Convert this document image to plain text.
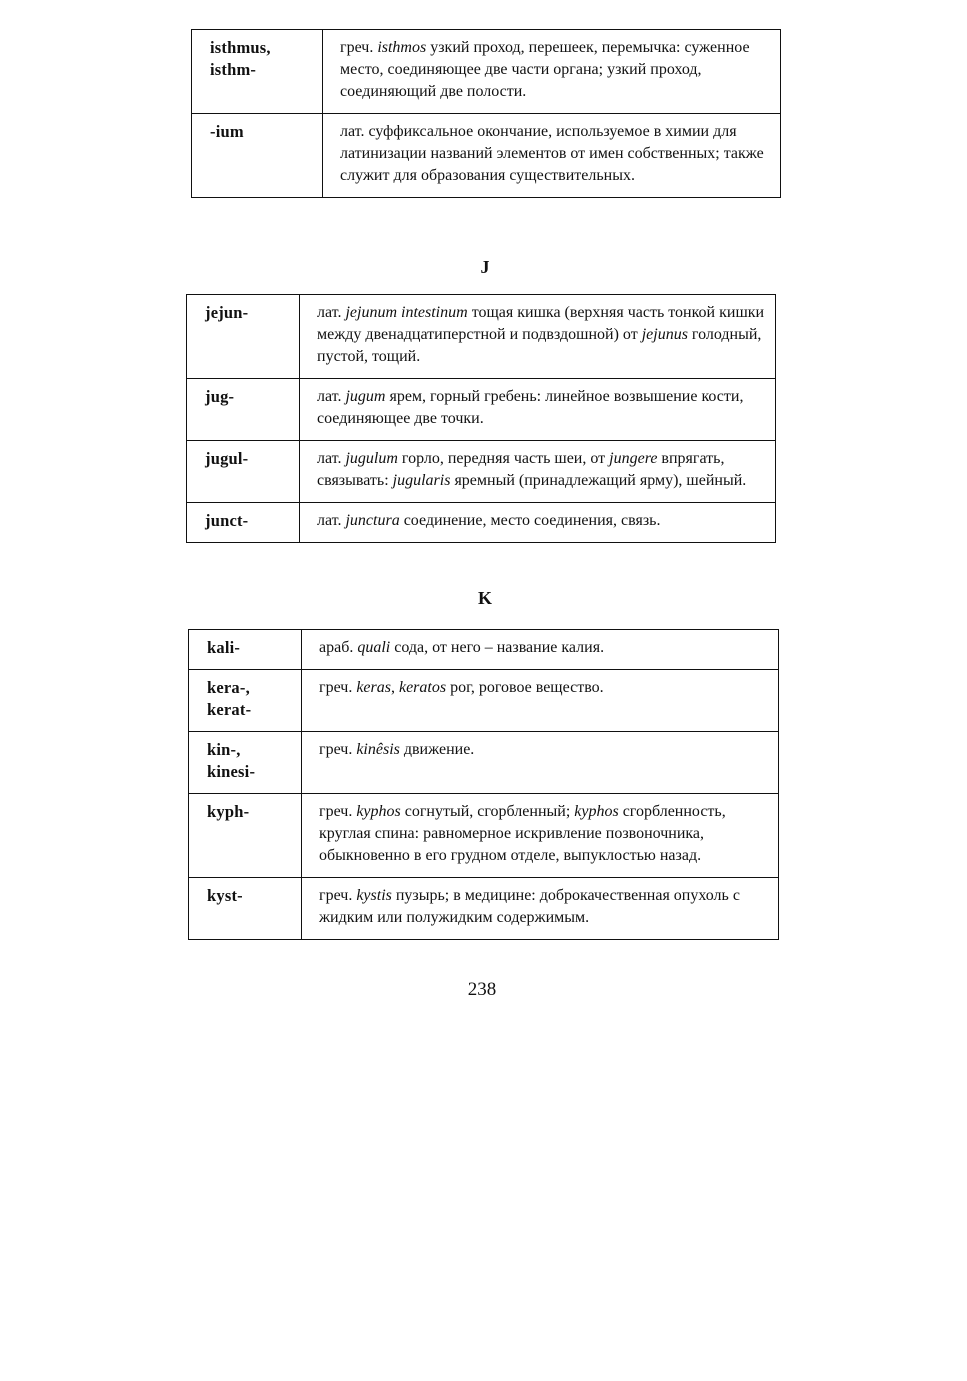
isthmus,
isthm-	греч. isthmos узкий проход, перешеек, перемычка: суженное место, соединяющее две части органа; узкий проход, соединяющий две полости.

-ium	лат. суффиксальное окончание, используемое в химии для латинизации названий элементов от имен собственных; также служит для образования существительных.
J
jejun-	лат. jejunum intestinum тощая кишка (верхняя часть тонкой кишки между двенадцатиперстной и подвздошной) от jejunus голодный, пустой, тощий.

jug-	лат. jugum ярем, горный гребень: линейное возвышение кости, соединяющее две точки.

jugul-	лат. jugulum горло, передняя часть шеи, от jungere впрягать, связывать: jugularis яремный (принадлежащий ярму), шейный.

junct-	лат. junctura соединение, место соединения, связь.
K
kali-	араб. quali сода, от него – название калия.

kera-,
kerat-	греч. keras, keratos рог, роговое вещество.

kin-,
kinesi-	греч. kinêsis движение.

kyph-	греч. kyphos согнутый, сгорбленный; kyphos сгорбленность, круглая спина: равномерное искривление позвоночника, обыкновенно в его грудном отделе, выпуклостью назад.

kyst-	греч. kystis пузырь; в медицине: доброкачественная опухоль с жидким или полужидким содержимым.
238
